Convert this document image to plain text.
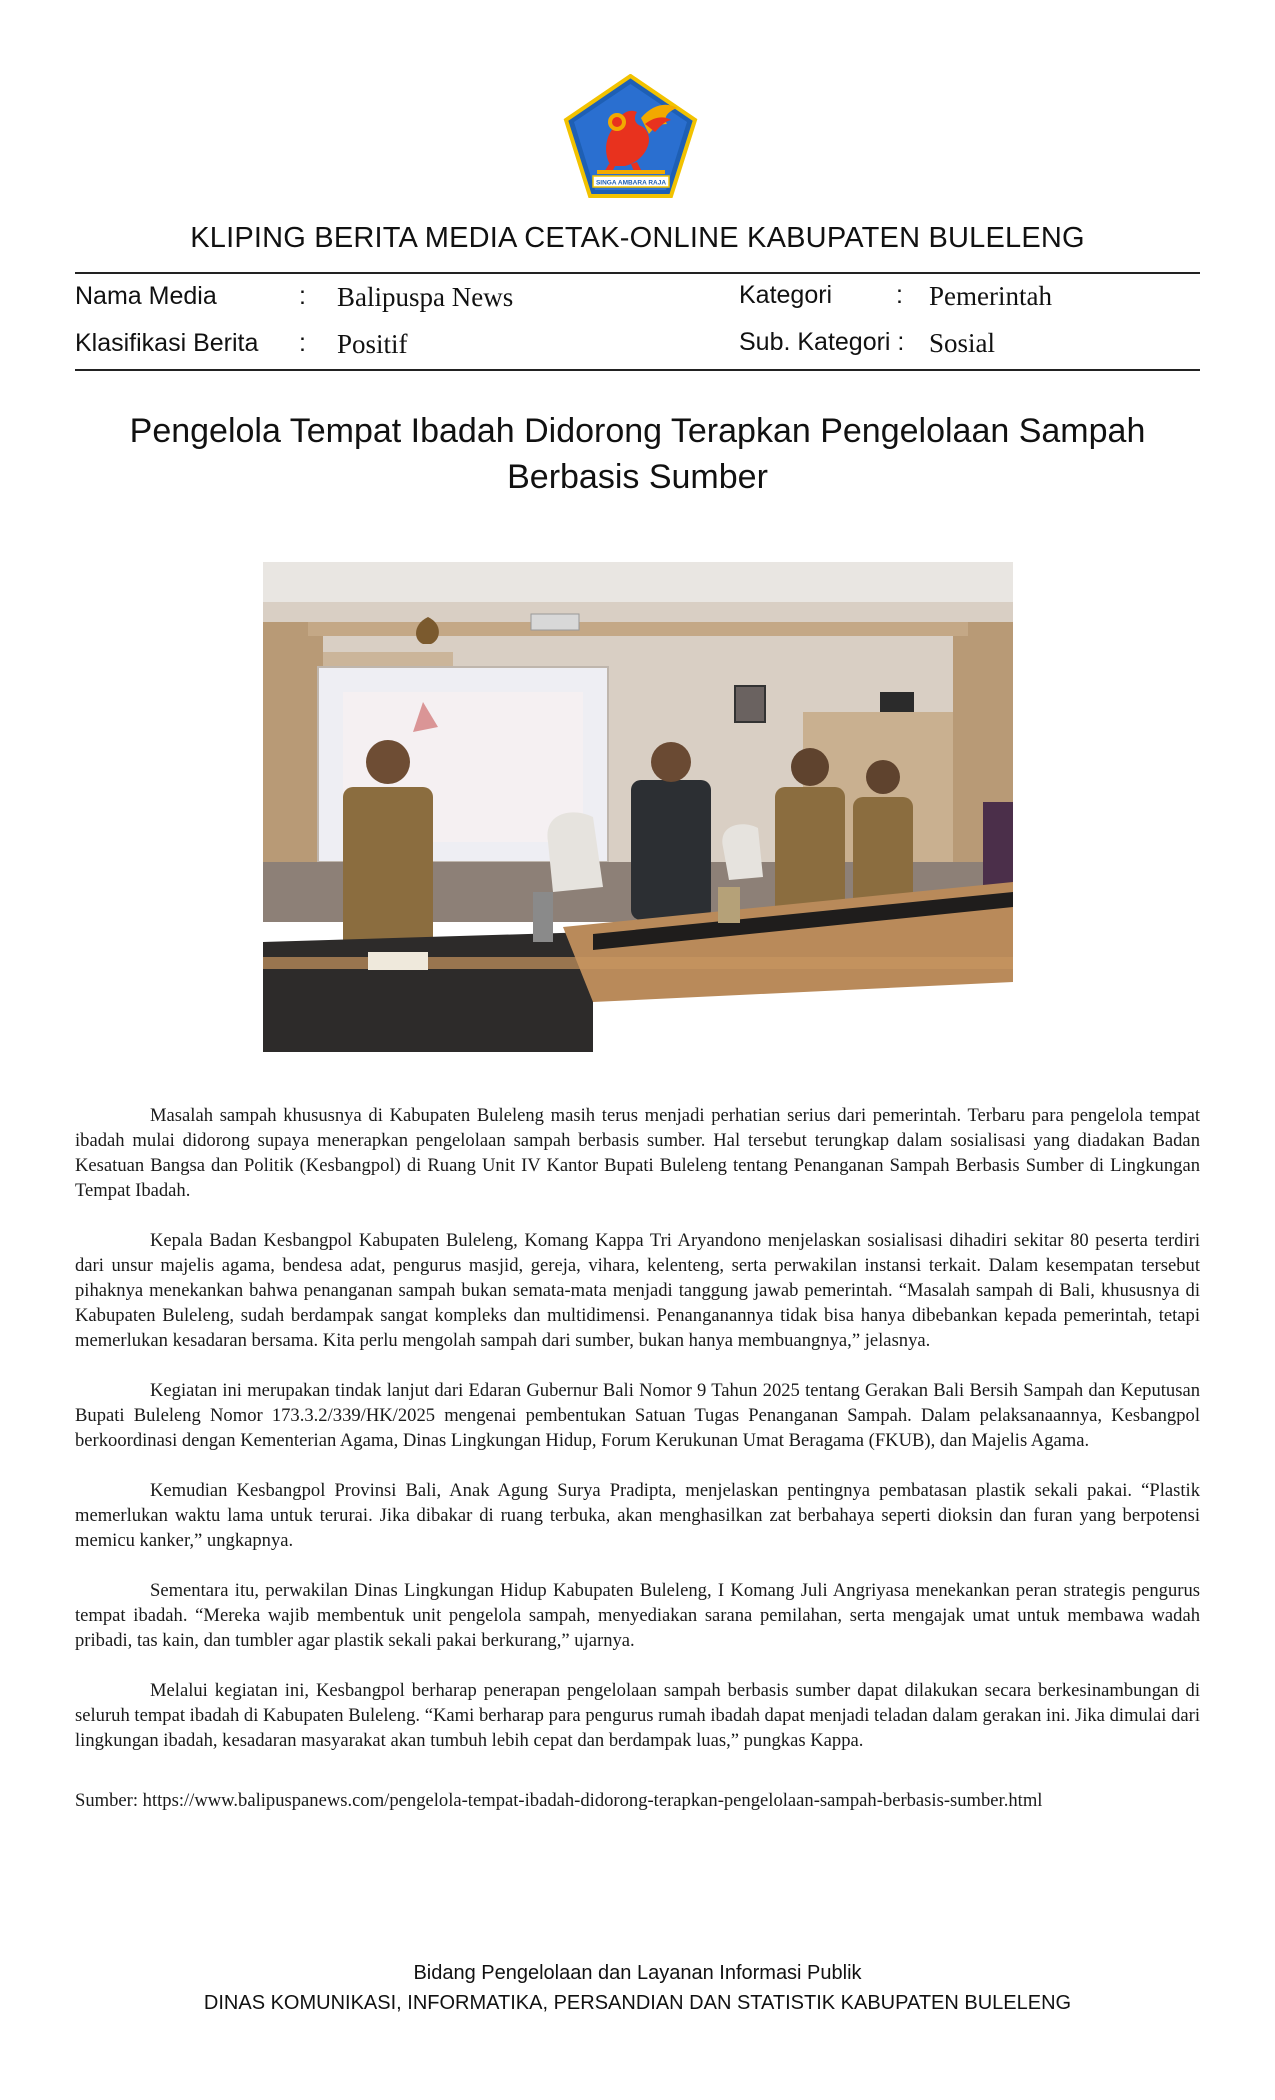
SINGA AMBARA RAJA
KLIPING BERITA MEDIA CETAK-ONLINE KABUPATEN BULELENG
Nama Media	: Balipuspa News	Kategori	: Pemerintah
Klasifikasi Berita : Positif	Sub. Kategori : Sosial
Pengelola Tempat Ibadah Didorong Terapkan Pengelolaan Sampah Berbasis Sumber

Masalah sampah khususnya di Kabupaten Buleleng masih terus menjadi perhatian serius dari pemerintah. Terbaru para pengelola tempat ibadah mulai didorong supaya menerapkan pengelolaan sampah berbasis sumber. Hal tersebut terungkap dalam sosialisasi yang diadakan Badan Kesatuan Bangsa dan Politik (Kesbangpol) di Ruang Unit IV Kantor Bupati Buleleng tentang Penanganan Sampah Berbasis Sumber di Lingkungan Tempat Ibadah.

Kepala Badan Kesbangpol Kabupaten Buleleng, Komang Kappa Tri Aryandono menjelaskan sosialisasi dihadiri sekitar 80 peserta terdiri dari unsur majelis agama, bendesa adat, pengurus masjid, gereja, vihara, kelenteng, serta perwakilan instansi terkait. Dalam kesempatan tersebut pihaknya menekankan bahwa penanganan sampah bukan semata-mata menjadi tanggung jawab pemerintah. “Masalah sampah di Bali, khususnya di Kabupaten Buleleng, sudah berdampak sangat kompleks dan multidimensi. Penanganannya tidak bisa hanya dibebankan kepada pemerintah, tetapi memerlukan kesadaran bersama. Kita perlu mengolah sampah dari sumber, bukan hanya membuangnya,” jelasnya.

Kegiatan ini merupakan tindak lanjut dari Edaran Gubernur Bali Nomor 9 Tahun 2025 tentang Gerakan Bali Bersih Sampah dan Keputusan Bupati Buleleng Nomor 173.3.2/339/HK/2025 mengenai pembentukan Satuan Tugas Penanganan Sampah. Dalam pelaksanaannya, Kesbangpol berkoordinasi dengan Kementerian Agama, Dinas Lingkungan Hidup, Forum Kerukunan Umat Beragama (FKUB), dan Majelis Agama.

Kemudian Kesbangpol Provinsi Bali, Anak Agung Surya Pradipta, menjelaskan pentingnya pembatasan plastik sekali pakai. “Plastik memerlukan waktu lama untuk terurai. Jika dibakar di ruang terbuka, akan menghasilkan zat berbahaya seperti dioksin dan furan yang berpotensi memicu kanker,” ungkapnya.

Sementara itu, perwakilan Dinas Lingkungan Hidup Kabupaten Buleleng, I Komang Juli Angriyasa menekankan peran strategis pengurus tempat ibadah. “Mereka wajib membentuk unit pengelola sampah, menyediakan sarana pemilahan, serta mengajak umat untuk membawa wadah pribadi, tas kain, dan tumbler agar plastik sekali pakai berkurang,” ujarnya.

Melalui kegiatan ini, Kesbangpol berharap penerapan pengelolaan sampah berbasis sumber dapat dilakukan secara berkesinambungan di seluruh tempat ibadah di Kabupaten Buleleng. “Kami berharap para pengurus rumah ibadah dapat menjadi teladan dalam gerakan ini. Jika dimulai dari lingkungan ibadah, kesadaran masyarakat akan tumbuh lebih cepat dan berdampak luas,” pungkas Kappa.

Sumber: https://www.balipuspanews.com/pengelola-tempat-ibadah-didorong-terapkan-pengelolaan-sampah-berbasis-sumber.html
Bidang Pengelolaan dan Layanan Informasi Publik
DINAS KOMUNIKASI, INFORMATIKA, PERSANDIAN DAN STATISTIK KABUPATEN BULELENG
